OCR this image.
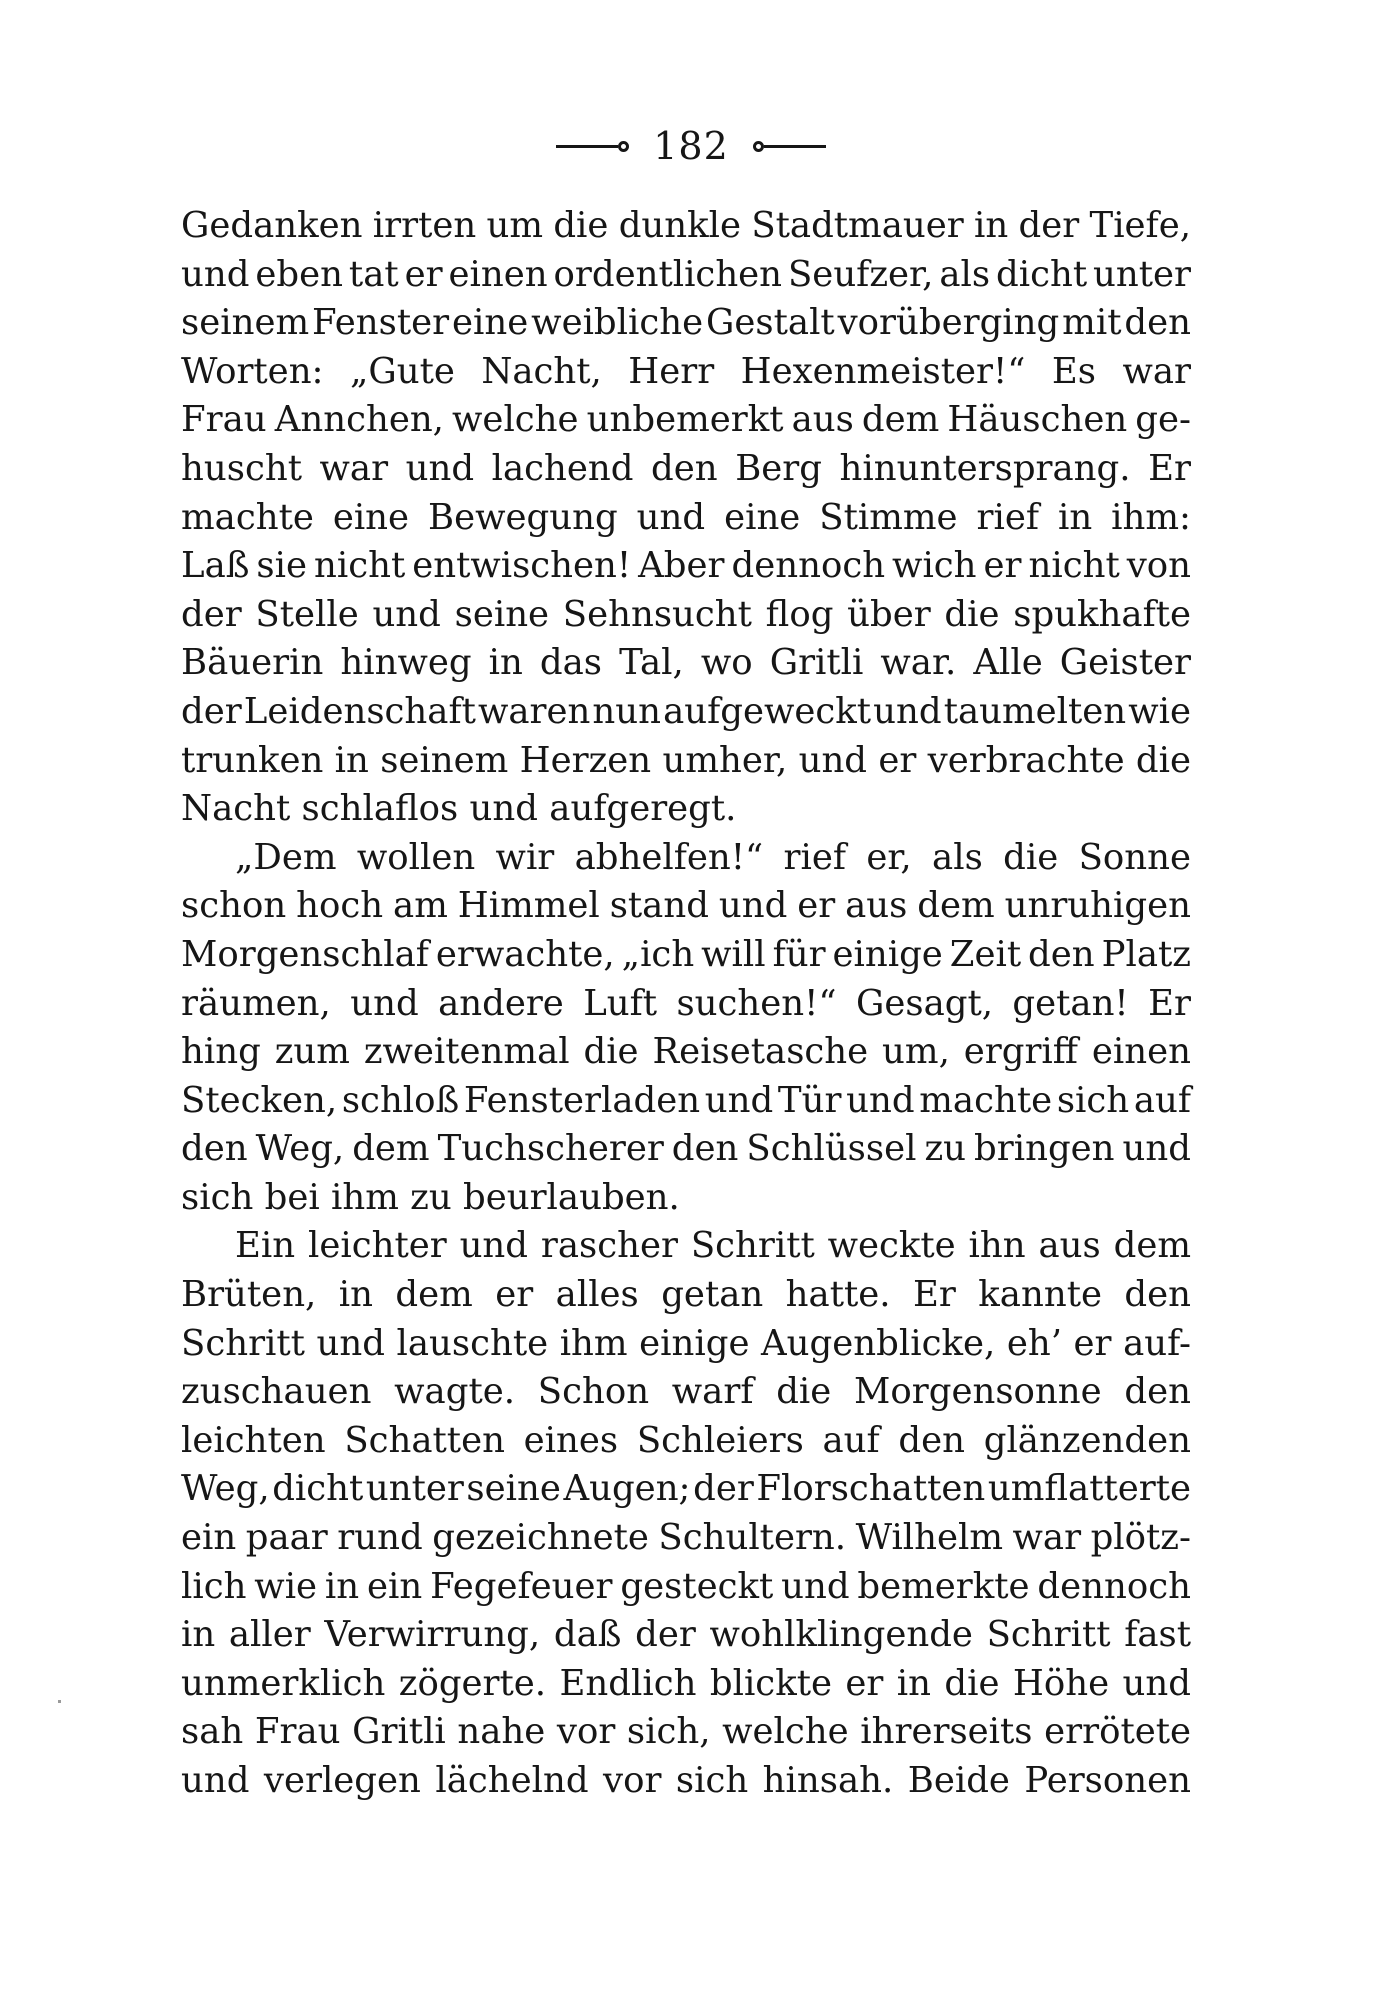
182
Gedanken irrten um die dunkle Stadtmauer in der Tiefe,
und eben tat er einen ordentlichen Seufzer, als dicht unter
seinem Fenster eine weibliche Gestalt vorüberging mit den
Worten: „Gute Nacht, Herr Hexenmeister!“ Es war
Frau Annchen, welche unbemerkt aus dem Häuschen ge-
huscht war und lachend den Berg hinuntersprang. Er
machte eine Bewegung und eine Stimme rief in ihm:
Laß sie nicht entwischen! Aber dennoch wich er nicht von
der Stelle und seine Sehnsucht flog über die spukhafte
Bäuerin hinweg in das Tal, wo Gritli war. Alle Geister
der Leidenschaft waren nun aufgeweckt und taumelten wie
trunken in seinem Herzen umher, und er verbrachte die
Nacht schlaflos und aufgeregt.
„Dem wollen wir abhelfen!“ rief er, als die Sonne
schon hoch am Himmel stand und er aus dem unruhigen
Morgenschlaf erwachte, „ich will für einige Zeit den Platz
räumen, und andere Luft suchen!“ Gesagt, getan! Er
hing zum zweitenmal die Reisetasche um, ergriff einen
Stecken, schloß Fensterladen und Tür und machte sich auf
den Weg, dem Tuchscherer den Schlüssel zu bringen und
sich bei ihm zu beurlauben.
Ein leichter und rascher Schritt weckte ihn aus dem
Brüten, in dem er alles getan hatte. Er kannte den
Schritt und lauschte ihm einige Augenblicke, eh’ er auf-
zuschauen wagte. Schon warf die Morgensonne den
leichten Schatten eines Schleiers auf den glänzenden
Weg, dicht unter seine Augen; der Florschatten umflatterte
ein paar rund gezeichnete Schultern. Wilhelm war plötz-
lich wie in ein Fegefeuer gesteckt und bemerkte dennoch
in aller Verwirrung, daß der wohlklingende Schritt fast
unmerklich zögerte. Endlich blickte er in die Höhe und
sah Frau Gritli nahe vor sich, welche ihrerseits errötete
und verlegen lächelnd vor sich hinsah. Beide Personen
